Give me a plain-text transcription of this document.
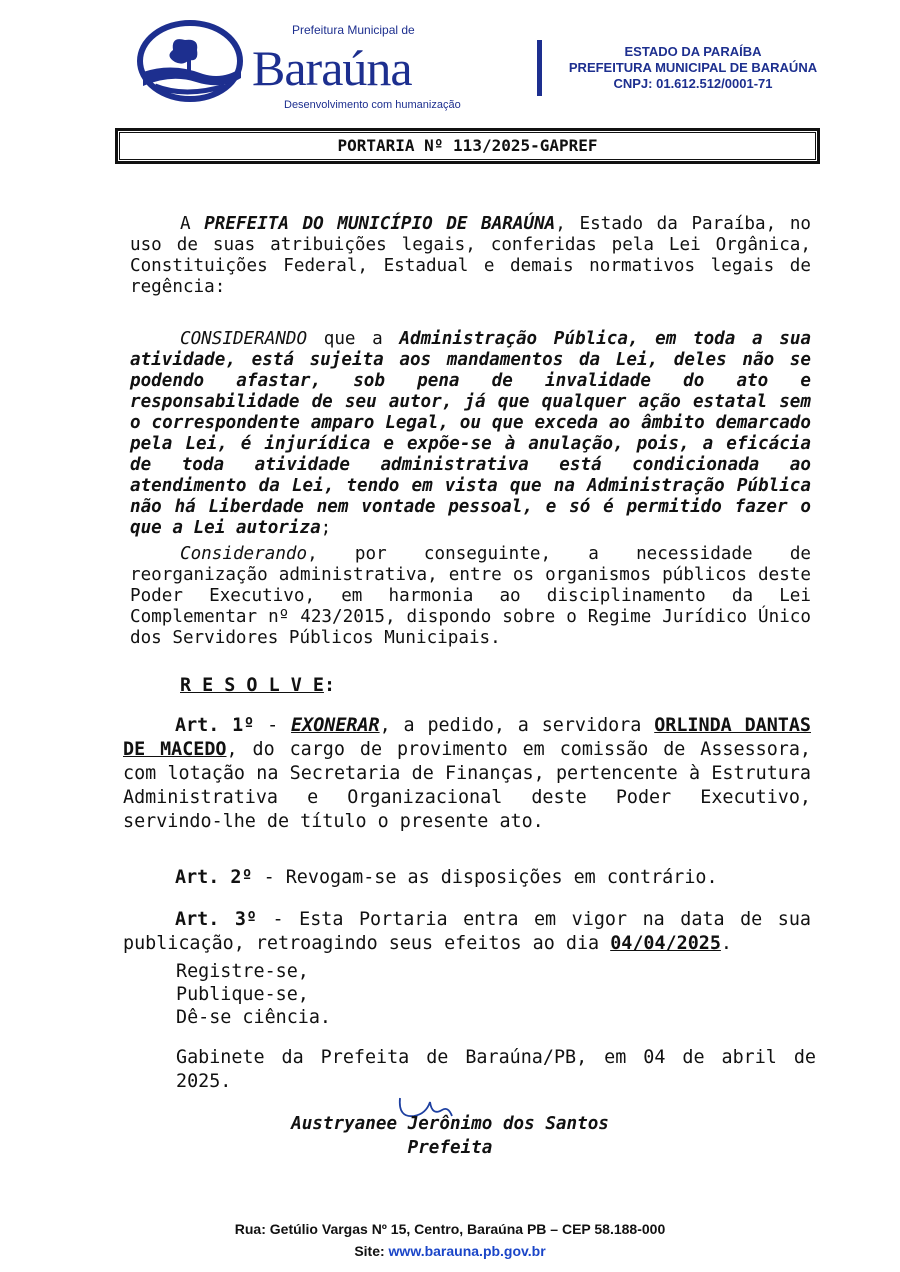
Prefeitura Municipal de
Baraúna
Desenvolvimento com humanização
ESTADO DA PARAÍBA
PREFEITURA MUNICIPAL DE BARAÚNA
CNPJ: 01.612.512/0001-71
PORTARIA Nº 113/2025-GAPREF
A PREFEITA DO MUNICÍPIO DE BARAÚNA, Estado da Paraíba, no uso de suas atribuições legais, conferidas pela Lei Orgânica, Constituições Federal, Estadual e demais normativos legais de regência:
CONSIDERANDO que a Administração Pública, em toda a sua atividade, está sujeita aos mandamentos da Lei, deles não se podendo afastar, sob pena de invalidade do ato e responsabilidade de seu autor, já que qualquer ação estatal sem o correspondente amparo Legal, ou que exceda ao âmbito demarcado pela Lei, é injurídica e expõe-se à anulação, pois, a eficácia de toda atividade administrativa está condicionada ao atendimento da Lei, tendo em vista que na Administração Pública não há Liberdade nem vontade pessoal, e só é permitido fazer o que a Lei autoriza;
Considerando, por conseguinte, a necessidade de reorganização administrativa, entre os organismos públicos deste Poder Executivo, em harmonia ao disciplinamento da Lei Complementar nº 423/2015, dispondo sobre o Regime Jurídico Único dos Servidores Públicos Municipais.
R E S O L V E:
Art. 1º - EXONERAR, a pedido, a servidora ORLINDA DANTAS DE MACEDO, do cargo de provimento em comissão de Assessora, com lotação na Secretaria de Finanças, pertencente à Estrutura Administrativa e Organizacional deste Poder Executivo, servindo-lhe de título o presente ato.
Art. 2º - Revogam-se as disposições em contrário.
Art. 3º - Esta Portaria entra em vigor na data de sua publicação, retroagindo seus efeitos ao dia 04/04/2025.
Registre-se,
Publique-se,
Dê-se ciência.
Gabinete da Prefeita de Baraúna/PB, em 04 de abril de 2025.
Austryanee Jerônimo dos Santos
Prefeita
Rua: Getúlio Vargas Nº 15, Centro, Baraúna PB – CEP 58.188-000
Site: www.barauna.pb.gov.br
